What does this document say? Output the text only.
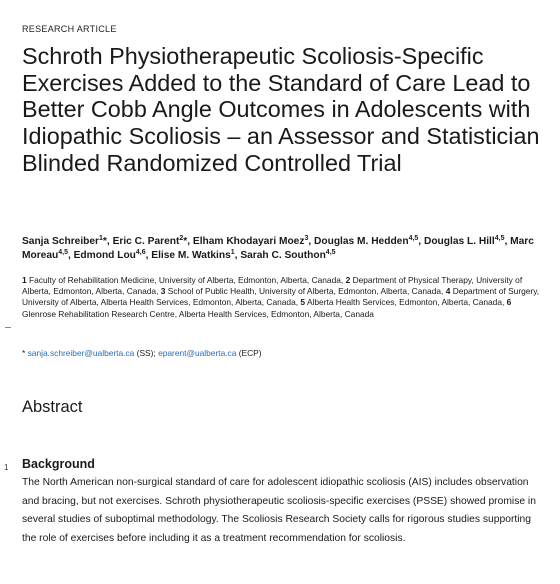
RESEARCH ARTICLE
Schroth Physiotherapeutic Scoliosis-Specific Exercises Added to the Standard of Care Lead to Better Cobb Angle Outcomes in Adolescents with Idiopathic Scoliosis – an Assessor and Statistician Blinded Randomized Controlled Trial

Sanja Schreiber$^1$*, Eric C. Parent$^2$*, Elham Khodayari Moez$^3$, Douglas M. Hedden$^{4,5}$, Douglas L. Hill$^{4,5}$, Marc Moreau$^{4,5}$, Edmond Lou$^{4,6}$, Elise M. Watkins$^1$, Sarah C. Southon$^{4,5}$

1 Faculty of Rehabilitation Medicine, University of Alberta, Edmonton, Alberta, Canada, 2 Department of Physical Therapy, University of Alberta, Edmonton, Alberta, Canada, 3 School of Public Health, University of Alberta, Edmonton, Alberta, Canada, 4 Department of Surgery, University of Alberta, Alberta Health Services, Edmonton, Alberta, Canada, 5 Alberta Health Services, Edmonton, Alberta, Canada, 6 Glenrose Rehabilitation Research Centre, Alberta Health Services, Edmonton, Alberta, Canada

* sanja.schreiber@ualberta.ca (SS); eparent@ualberta.ca (ECP)

Abstract
1 Background

The North American non-surgical standard of care for adolescent idiopathic scoliosis (AIS) includes observation and bracing, but not exercises. Schroth physiotherapeutic scoliosis-specific exercises (PSSE) showed promise in several studies of suboptimal methodology. The Scoliosis Research Society calls for rigorous studies supporting the role of exercises before including it as a treatment recommendation for scoliosis.
